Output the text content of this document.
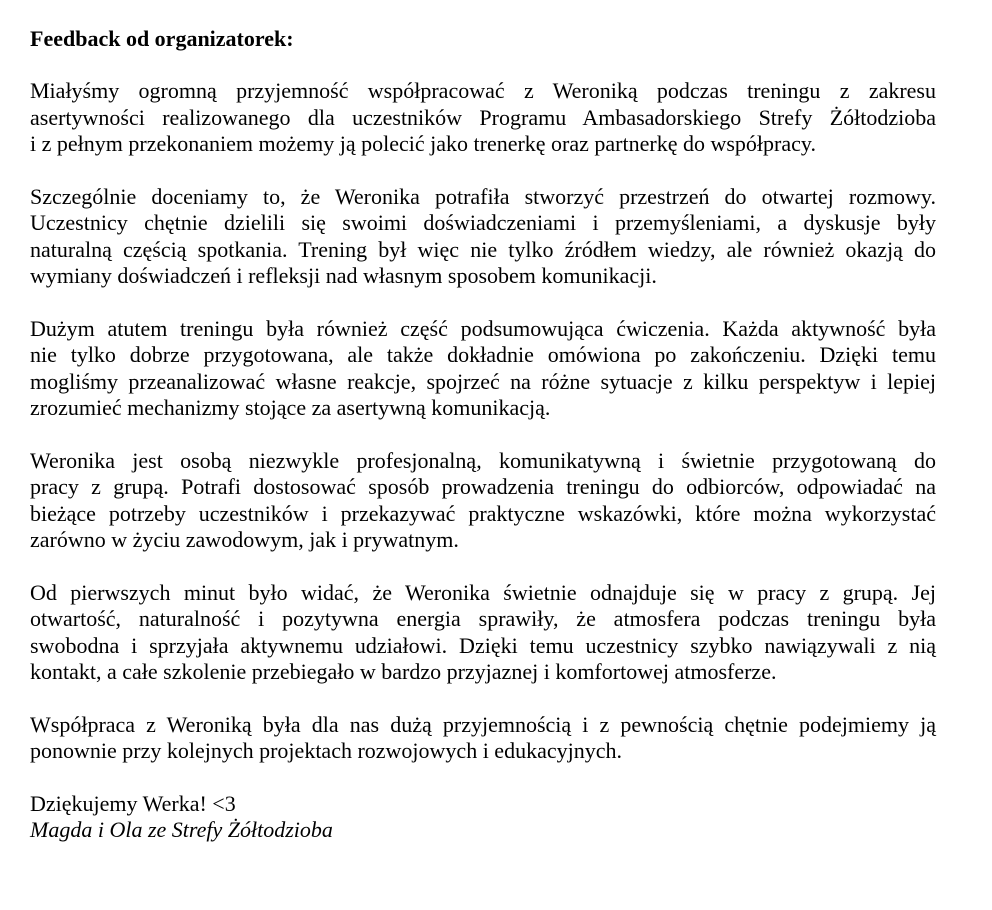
Feedback od organizatorek:
Miałyśmy ogromną przyjemność współpracować z Weroniką podczas treningu z zakresu
asertywności realizowanego dla uczestników Programu Ambasadorskiego Strefy Żółtodzioba
i z pełnym przekonaniem możemy ją polecić jako trenerkę oraz partnerkę do współpracy.
Szczególnie doceniamy to, że Weronika potrafiła stworzyć przestrzeń do otwartej rozmowy.
Uczestnicy chętnie dzielili się swoimi doświadczeniami i przemyśleniami, a dyskusje były
naturalną częścią spotkania. Trening był więc nie tylko źródłem wiedzy, ale również okazją do
wymiany doświadczeń i refleksji nad własnym sposobem komunikacji.
Dużym atutem treningu była również część podsumowująca ćwiczenia. Każda aktywność była
nie tylko dobrze przygotowana, ale także dokładnie omówiona po zakończeniu. Dzięki temu
mogliśmy przeanalizować własne reakcje, spojrzeć na różne sytuacje z kilku perspektyw i lepiej
zrozumieć mechanizmy stojące za asertywną komunikacją.
Weronika jest osobą niezwykle profesjonalną, komunikatywną i świetnie przygotowaną do
pracy z grupą. Potrafi dostosować sposób prowadzenia treningu do odbiorców, odpowiadać na
bieżące potrzeby uczestników i przekazywać praktyczne wskazówki, które można wykorzystać
zarówno w życiu zawodowym, jak i prywatnym.
Od pierwszych minut było widać, że Weronika świetnie odnajduje się w pracy z grupą. Jej
otwartość, naturalność i pozytywna energia sprawiły, że atmosfera podczas treningu była
swobodna i sprzyjała aktywnemu udziałowi. Dzięki temu uczestnicy szybko nawiązywali z nią
kontakt, a całe szkolenie przebiegało w bardzo przyjaznej i komfortowej atmosferze.
Współpraca z Weroniką była dla nas dużą przyjemnością i z pewnością chętnie podejmiemy ją
ponownie przy kolejnych projektach rozwojowych i edukacyjnych.
Dziękujemy Werka! <3
Magda i Ola ze Strefy Żółtodzioba
